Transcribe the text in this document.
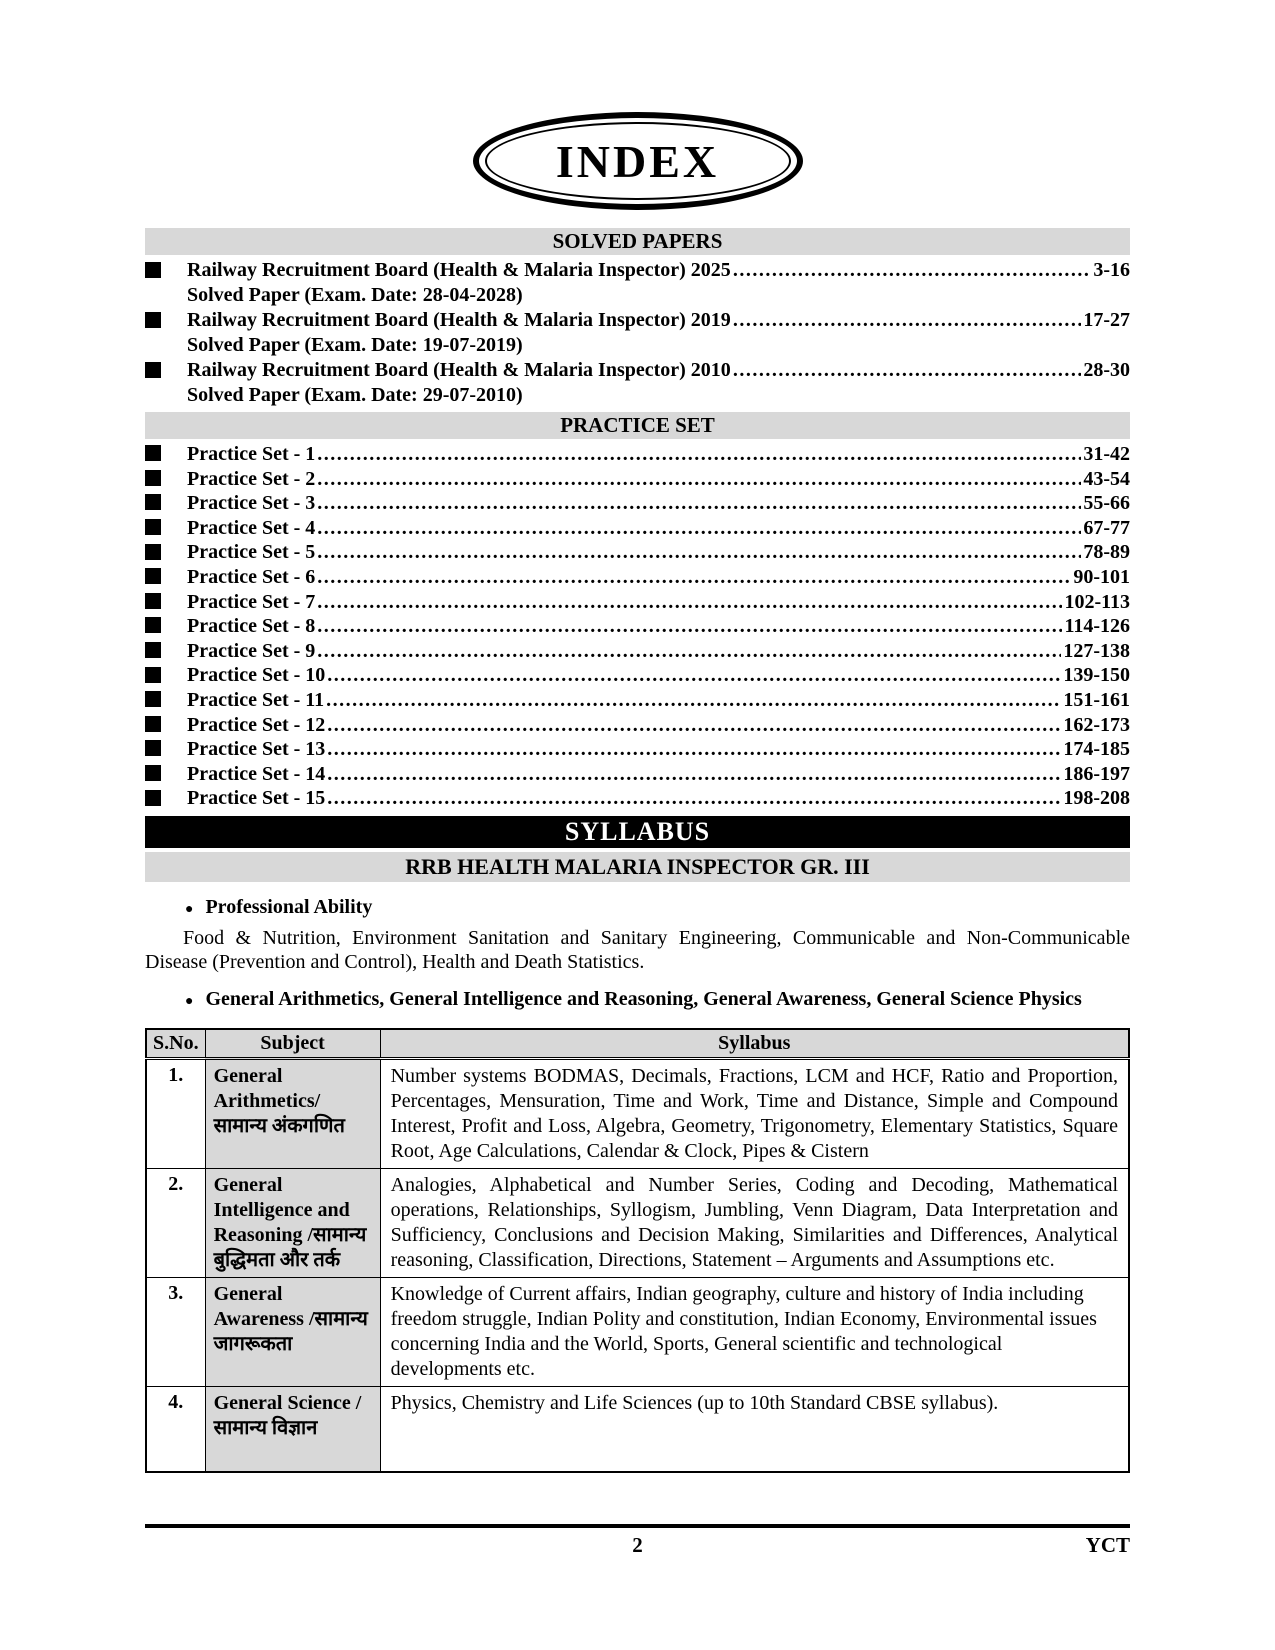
INDEX
SOLVED PAPERS
Railway Recruitment Board (Health & Malaria Inspector) 2025 .....	3-16
Solved Paper (Exam. Date: 28-04-2028)
Railway Recruitment Board (Health & Malaria Inspector) 2019 .....	17-27
Solved Paper (Exam. Date: 19-07-2019)
Railway Recruitment Board (Health & Malaria Inspector) 2010 .....	28-30
Solved Paper (Exam. Date: 29-07-2010)
PRACTICE SET
Practice Set - 1 .....	31-42
Practice Set - 2 .....	43-54
Practice Set - 3 .....	55-66
Practice Set - 4 .....	67-77
Practice Set - 5 .....	78-89
Practice Set - 6 .....	90-101
Practice Set - 7 .....	102-113
Practice Set - 8 .....	114-126
Practice Set - 9 .....	127-138
Practice Set - 10 .....	139-150
Practice Set - 11 .....	151-161
Practice Set - 12 .....	162-173
Practice Set - 13 .....	174-185
Practice Set - 14 .....	186-197
Practice Set - 15 .....	198-208
SYLLABUS
RRB HEALTH MALARIA INSPECTOR GR. III
● Professional Ability
Food & Nutrition, Environment Sanitation and Sanitary Engineering, Communicable and Non-Communicable Disease (Prevention and Control), Health and Death Statistics.
● General Arithmetics, General Intelligence and Reasoning, General Awareness, General Science Physics
S.No.	Subject	Syllabus
1.	General Arithmetics/सामान्य अंकगणित	Number systems BODMAS, Decimals, Fractions, LCM and HCF, Ratio and Proportion, Percentages, Mensuration, Time and Work, Time and Distance, Simple and Compound Interest, Profit and Loss, Algebra, Geometry, Trigonometry, Elementary Statistics, Square Root, Age Calculations, Calendar & Clock, Pipes & Cistern
2.	General Intelligence and Reasoning /सामान्य बुद्धिमता और तर्क	Analogies, Alphabetical and Number Series, Coding and Decoding, Mathematical operations, Relationships, Syllogism, Jumbling, Venn Diagram, Data Interpretation and Sufficiency, Conclusions and Decision Making, Similarities and Differences, Analytical reasoning, Classification, Directions, Statement – Arguments and Assumptions etc.
3.	General Awareness /सामान्य जागरूकता	Knowledge of Current affairs, Indian geography, culture and history of India including freedom struggle, Indian Polity and constitution, Indian Economy, Environmental issues concerning India and the World, Sports, General scientific and technological developments etc.
4.	General Science /सामान्य विज्ञान	Physics, Chemistry and Life Sciences (up to 10th Standard CBSE syllabus).
2	YCT
